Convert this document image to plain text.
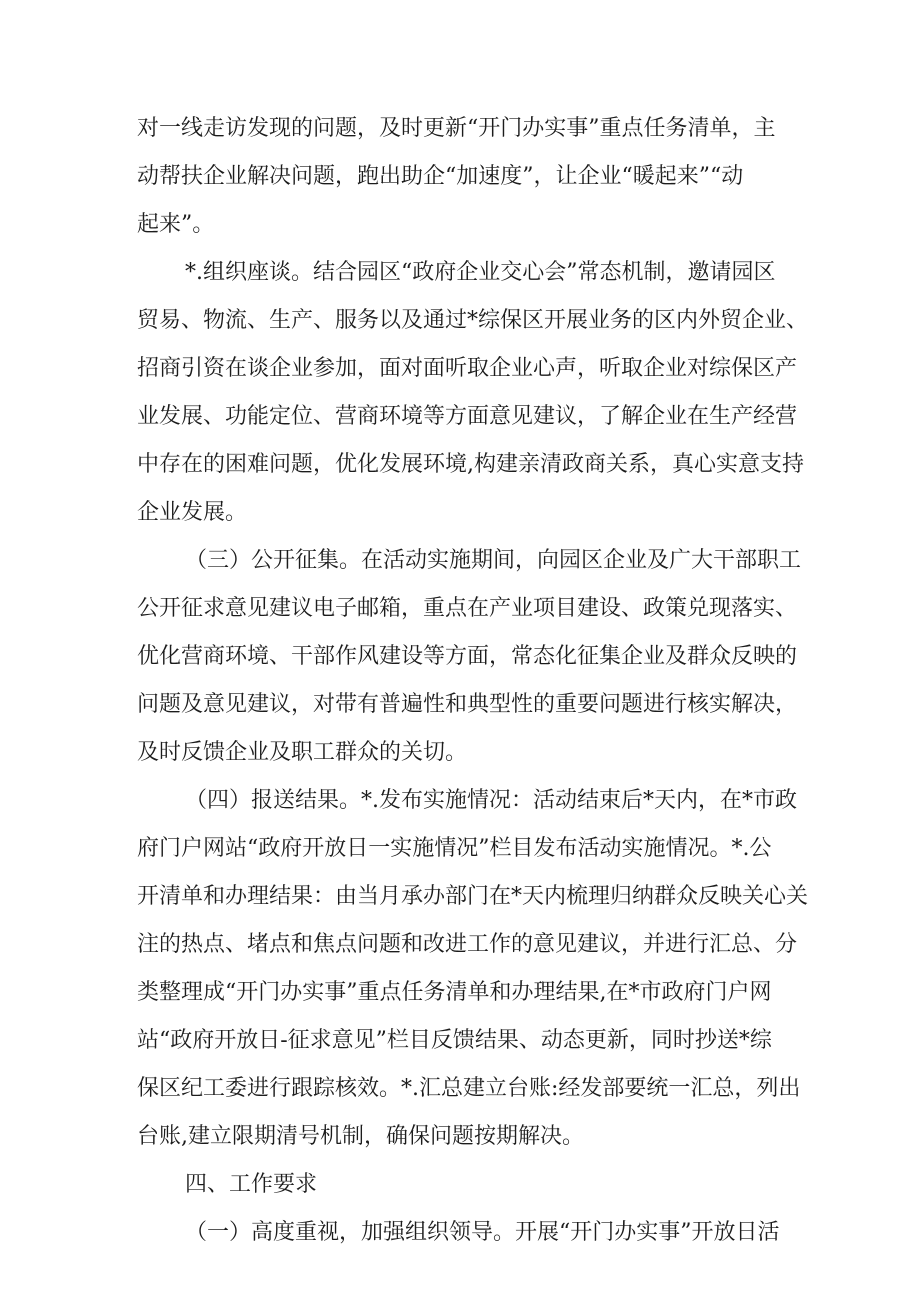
对一线走访发现的问题，及时更新“开门办实事”重点任务清单，主
动帮扶企业解决问题，跑出助企“加速度”，让企业“暖起来”“动
起来”。
*.组织座谈。结合园区“政府企业交心会”常态机制，邀请园区
贸易、物流、生产、服务以及通过*综保区开展业务的区内外贸企业、
招商引资在谈企业参加，面对面听取企业心声，听取企业对综保区产
业发展、功能定位、营商环境等方面意见建议，了解企业在生产经营
中存在的困难问题，优化发展环境,构建亲清政商关系，真心实意支持
企业发展。
（三）公开征集。在活动实施期间，向园区企业及广大干部职工
公开征求意见建议电子邮箱，重点在产业项目建设、政策兑现落实、
优化营商环境、干部作风建设等方面，常态化征集企业及群众反映的
问题及意见建议，对带有普遍性和典型性的重要问题进行核实解决，
及时反馈企业及职工群众的关切。
（四）报送结果。*.发布实施情况：活动结束后*天内，在*市政
府门户网站“政府开放日一实施情况”栏目发布活动实施情况。*.公
开清单和办理结果：由当月承办部门在*天内梳理归纳群众反映关心关
注的热点、堵点和焦点问题和改进工作的意见建议，并进行汇总、分
类整理成“开门办实事”重点任务清单和办理结果,在*市政府门户网
站“政府开放日-征求意见”栏目反馈结果、动态更新，同时抄送*综
保区纪工委进行跟踪核效。*.汇总建立台账:经发部要统一汇总，列出
台账,建立限期清号机制，确保问题按期解决。
四、工作要求
（一）高度重视，加强组织领导。开展“开门办实事”开放日活
